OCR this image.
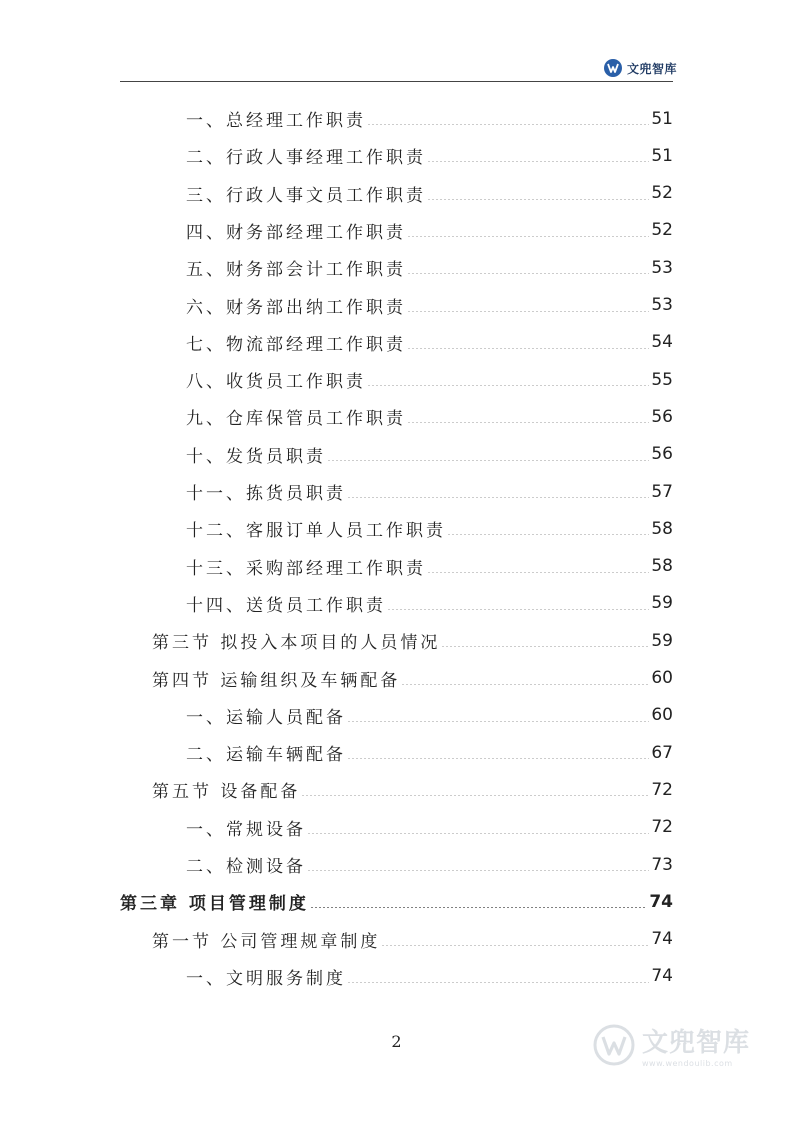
文兜智库
一、总经理工作职责	51
二、行政人事经理工作职责	51
三、行政人事文员工作职责	52
四、财务部经理工作职责	52
五、财务部会计工作职责	53
六、财务部出纳工作职责	53
七、物流部经理工作职责	54
八、收货员工作职责	55
九、仓库保管员工作职责	56
十、发货员职责	56
十一、拣货员职责	57
十二、客服订单人员工作职责	58
十三、采购部经理工作职责	58
十四、送货员工作职责	59
第三节 拟投入本项目的人员情况	59
第四节 运输组织及车辆配备	60
一、运输人员配备	60
二、运输车辆配备	67
第五节 设备配备	72
一、常规设备	72
二、检测设备	73
第三章 项目管理制度	74
第一节 公司管理规章制度	74
一、文明服务制度	74
2	文兜智库
www.wendoulib.com
